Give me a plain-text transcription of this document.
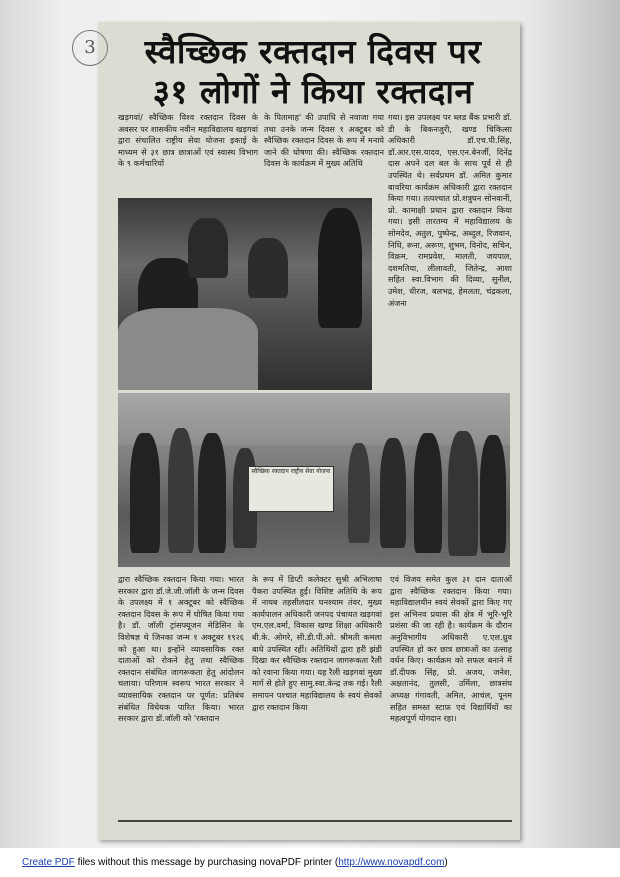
3	स्वैच्छिक रक्तदान दिवस पर
३१ लोगों ने किया रक्तदान
खड़गवां/ स्वैच्छिक विश्व रक्तदान दिवस के अवसर पर शासकीय नवीन महाविद्यालय खड़गवां द्वारा संचालित राष्ट्रीय सेवा योजना इकाई के माध्यम से ३१ छात्र छात्राओं एवं स्वास्थ विभाग के ९ कर्मचारियों
के पितामाह' की उपाधि से नवाजा गया तथा उनके जन्म दिवस १ अक्टूबर को स्वैच्छिक रक्तदान दिवस के रूप में मनाये जाने की घोषणा की। स्वैच्छिक रक्तदान दिवस के कार्यक्रम में मुख्य अतिथि
गया। इस उपलक्ष्य पर ब्लड बैंक प्रभारी डॉ. डी के बिकनजुरी, खण्ड चिकित्सा अधिकारी डॉ.एच.पी.सिंह, डॉ.आर.एस.यादव, एस.एन.बेनर्जी, दिनेंद्र दास अपने दल बल के साथ पूर्व से ही उपस्थित थे। सर्वप्रथम डॉ. अमित कुमार बावरिया कार्यक्रम अधिकारी द्वारा रक्तदान किया गया। तत्पश्चात प्रो.शत्रुघन सोनवानी, प्रो. कामाक्षी प्रधान द्वारा रक्तदान किया गया। इसी तारतम्य में महाविद्यालय के सोमदेव, अतुल, पुष्पेन्द्र, अब्दुल, रिजवान, निधि, रूना, अरूण, शुभम, विनोद, सचिन, विक्रम, रामप्रवेश, मालती, जयपाल, दशमतिया, लीलावती, जितेन्द्र, आशा सहित स्वा.विभाग की दिव्या, सुनील, उमेश, धीरज, बलभद्र, हेमलता, चंद्रकला, अंजना
स्वैच्छिक रक्तदान राष्ट्रीय सेवा योजना
द्वारा स्वैच्छिक रक्तदान किया गया। भारत सरकार द्वारा डॉ.जे.जी.जॉली के जन्म दिवस के उपलक्ष्य में १ अक्टूबर को स्वैच्छिक रक्तदान दिवस के रूप में घोषित किया गया है। डॉ. जॉली ट्रांसफ्यूजन मेडिसिन के विशेषज्ञ थे जिनका जन्म १ अक्टूबर १९२६ को हुआ था। इन्होंने व्यावसायिक रक्त दाताओं को रोकने हेतु तथा स्वैच्छिक रक्तदान संबंधित जागरूकता हेतु आंदोलन चलाया। परिणाम स्वरूप भारत सरकार ने व्यावसायिक रक्तदान पर पूर्णत: प्रतिबंध संबंधित विधेयक पारित किया। भारत सरकार द्वारा डॉ.जॉली को 'रक्तदान
के रूप में डिप्टी कलेक्टर सुश्री अभिलाषा पैकरा उपस्थित हुईं। विशिष्ट अतिथि के रूप में नायब तहसीलदार घनश्याम तंवर, मुख्य कार्यपालन अधिकारी जनपद पंचायत खड़गवां एम.एल.वर्मा, विकास खण्ड शिक्षा अधिकारी बी.के. ओगरे, सी.डी.पी.ओ. श्रीमती कमला बाघे उपस्थित रहीं। अतिथियों द्वारा हरी झंडी दिखा कर स्वैच्छिक रक्तदान जागरूकता रैली को रवाना किया गया। यह रैली खड़गवां मुख्य मार्ग से होते हुए सामु.स्वा.केन्द्र तक गई। रैली समापन पश्चात महाविद्यालय के स्वयं सेवकों द्वारा रक्तदान किया
एवं विजय समेत कुल ३१ दान दाताओं द्वारा स्वैच्छिक रक्तदान किया गया। महाविद्यालयीन स्वयं सेवकों द्वारा किए गए इस अभिनव प्रयास की क्षेत्र में भूरि-भूरि प्रशंसा की जा रही है। कार्यक्रम के दौरान अनुविभागीय अधिकारी ए.एल.ध्रुव उपस्थित हो कर छात्र छात्राओं का उत्साह वर्धन किए। कार्यक्रम को सफल बनाने में डॉ.दीपक सिंह, प्रो. अजय, जनेश, अक्षतानंद, तुलसी, उर्मिला, छात्रसंघ अध्यक्ष गंगावती, अमित, आचंल, पूनम सहित समस्त स्टाफ़ एवं विद्यार्थियों का महत्वपूर्ण योगदान रहा।
Create PDF files without this message by purchasing novaPDF printer (http://www.novapdf.com)
